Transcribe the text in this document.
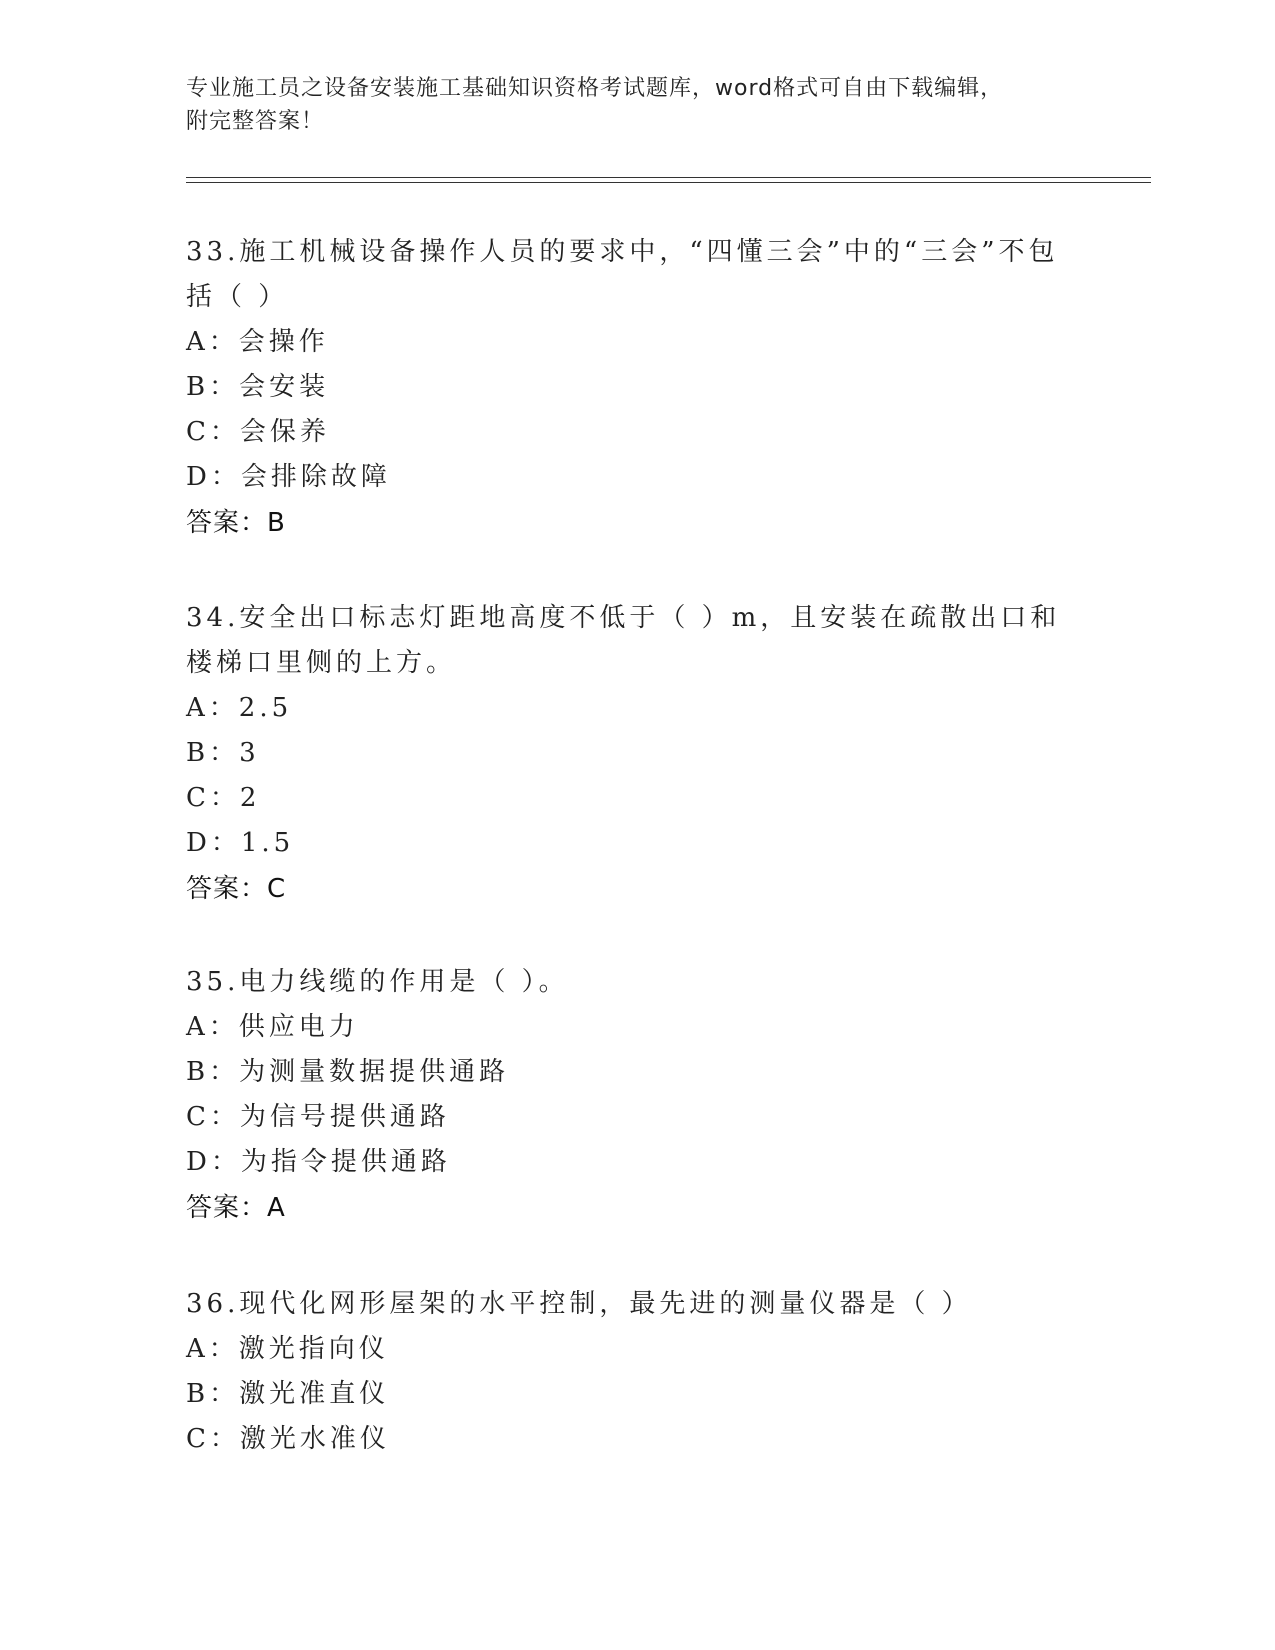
专业施工员之设备安装施工基础知识资格考试题库，word格式可自由下载编辑，
附完整答案！

33.施工机械设备操作人员的要求中，“四懂三会”中的“三会”不包括（ ）

A：会操作

B：会安装

C：会保养

D：会排除故障

答案：B

34.安全出口标志灯距地高度不低于（ ）m，且安装在疏散出口和楼梯口里侧的上方。

A：2.5

B：3

C：2

D：1.5

答案：C

35.电力线缆的作用是（ ）。

A：供应电力

B：为测量数据提供通路

C：为信号提供通路

D：为指令提供通路

答案：A

36.现代化网形屋架的水平控制，最先进的测量仪器是（ ）

A：激光指向仪

B：激光准直仪

C：激光水准仪
